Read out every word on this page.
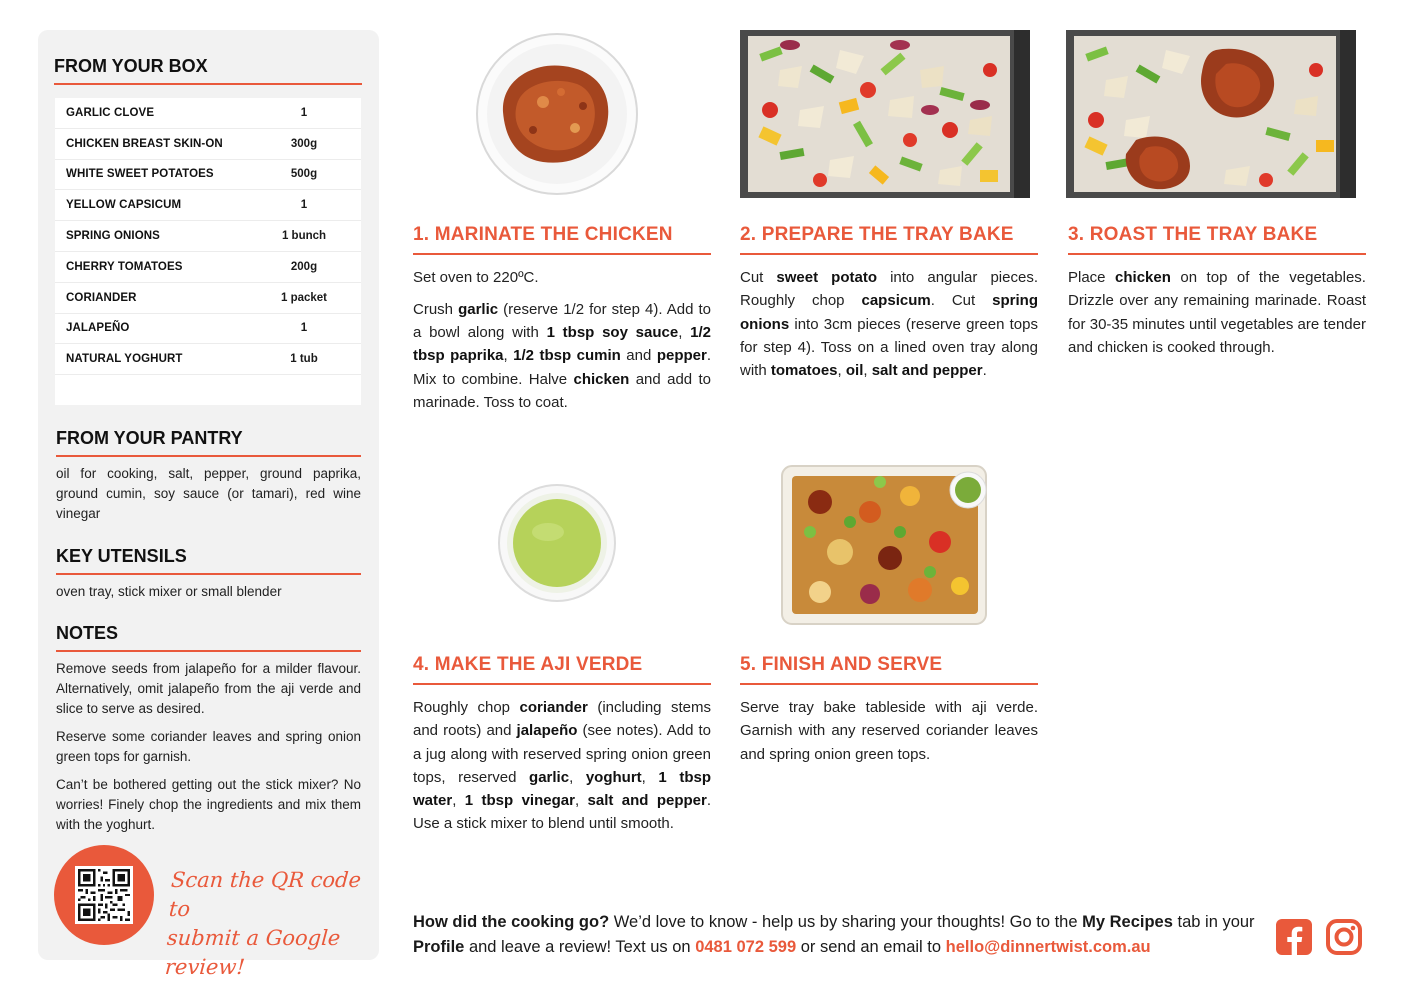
FROM YOUR BOX
GARLIC CLOVE	1
CHICKEN BREAST SKIN-ON	300g
WHITE SWEET POTATOES	500g
YELLOW CAPSICUM	1
SPRING ONIONS	1 bunch
CHERRY TOMATOES	200g
CORIANDER	1 packet
JALAPEÑO	1
NATURAL YOGHURT	1 tub
FROM YOUR PANTRY

oil for cooking, salt, pepper, ground paprika, ground cumin, soy sauce (or tamari), red wine vinegar

KEY UTENSILS

oven tray, stick mixer or small blender

NOTES

Remove seeds from jalapeño for a milder flavour. Alternatively, omit jalapeño from the aji verde and slice to serve as desired.

Reserve some coriander leaves and spring onion green tops for garnish.

Can’t be bothered getting out the stick mixer? No worries! Finely chop the ingredients and mix them with the yoghurt.

Scan the QR code to
submit a Google review!
1. MARINATE THE CHICKEN

Set oven to 220ºC.

Crush garlic (reserve 1/2 for step 4). Add to a bowl along with 1 tbsp soy sauce, 1/2 tbsp paprika, 1/2 tbsp cumin and pepper. Mix to combine. Halve chicken and add to marinade. Toss to coat.

2. PREPARE THE TRAY BAKE

Cut sweet potato into angular pieces. Roughly chop capsicum. Cut spring onions into 3cm pieces (reserve green tops for step 4). Toss on a lined oven tray along with tomatoes, oil, salt and pepper.

3. ROAST THE TRAY BAKE

Place chicken on top of the vegetables. Drizzle over any remaining marinade. Roast for 30-35 minutes until vegetables are tender and chicken is cooked through.

4. MAKE THE AJI VERDE

Roughly chop coriander (including stems and roots) and jalapeño (see notes). Add to a jug along with reserved spring onion green tops, reserved garlic, yoghurt, 1 tbsp water, 1 tbsp vinegar, salt and pepper. Use a stick mixer to blend until smooth.

5. FINISH AND SERVE

Serve tray bake tableside with aji verde. Garnish with any reserved coriander leaves and spring onion green tops.

How did the cooking go? We’d love to know - help us by sharing your thoughts! Go to the My Recipes tab in your Profile and leave a review! Text us on 0481 072 599 or send an email to hello@dinnertwist.com.au
